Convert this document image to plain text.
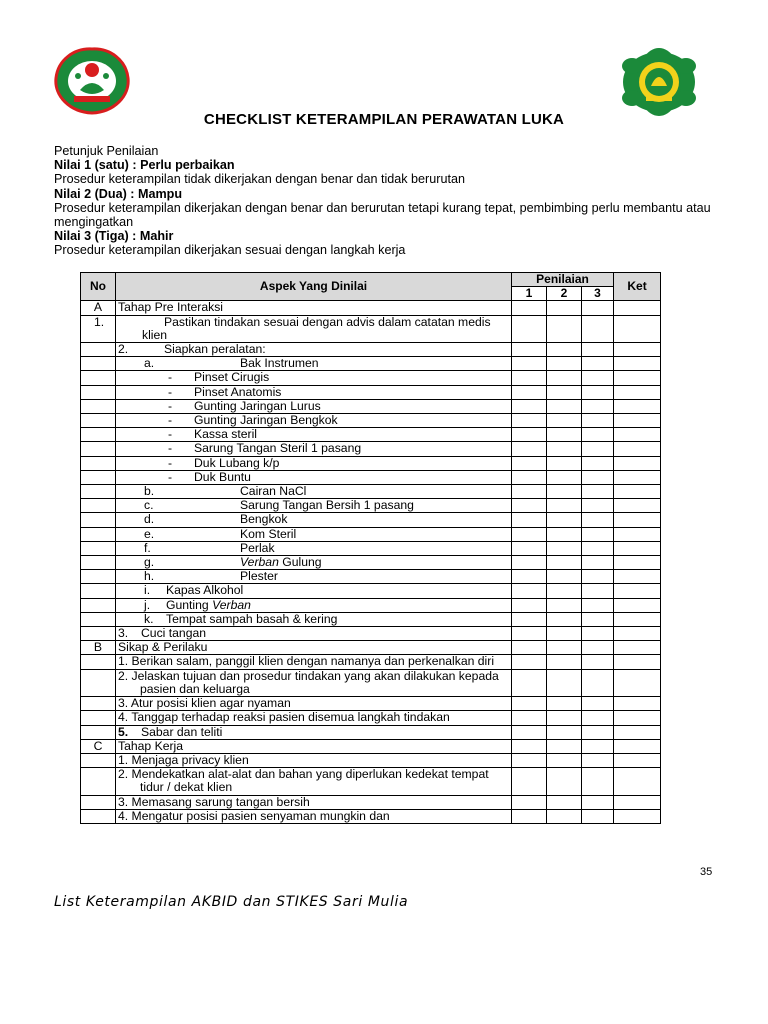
CHECKLIST KETERAMPILAN PERAWATAN LUKA
Petunjuk Penilaian
Nilai 1 (satu) : Perlu perbaikan
Prosedur keterampilan tidak dikerjakan dengan benar dan tidak berurutan
Nilai 2 (Dua) : Mampu
Prosedur keterampilan dikerjakan dengan benar dan berurutan tetapi kurang tepat, pembimbing perlu membantu atau mengingatkan
Nilai 3 (Tiga) : Mahir
Prosedur keterampilan dikerjakan sesuai dengan langkah kerja
No	Aspek Yang Dinilai	Penilaian			Ket
		1	2	3	
A	Tahap Pre Interaksi				

	1. Pastikan tindakan sesuai dengan advis dalam catatan medis klien				

	2. Siapkan peralatan:				
	a. Bak Instrumen				
	- Pinset Cirugis				
	- Pinset Anatomis				
	- Gunting Jaringan Lurus				
	- Gunting Jaringan Bengkok				
	- Kassa steril				
	- Sarung Tangan Steril 1 pasang				
	- Duk Lubang k/p				
	- Duk Buntu				
	b. Cairan NaCl				
	c. Sarung Tangan Bersih 1 pasang				
	d. Bengkok				
	e. Kom Steril				
	f. Perlak				
	g. Verban Gulung				
	h. Plester				
	i. Kapas Alkohol				
	j. Gunting Verban				
	k. Tempat sampah basah & kering				
	3. Cuci tangan				
B	Sikap & Perilaku				

	1. Berikan salam, panggil klien dengan namanya dan perkenalkan diri				

	2. Jelaskan tujuan dan prosedur tindakan yang akan dilakukan kepada pasien dan keluarga				

	3. Atur posisi klien agar nyaman				

	4. Tanggap terhadap reaksi pasien disemua langkah tindakan				

	5. Sabar dan teliti				
C	Tahap Kerja				
	1. Menjaga privacy klien				

	2. Mendekatkan alat-alat dan bahan yang diperlukan kedekat tempat tidur / dekat klien				

	3. Memasang sarung tangan bersih				
	4. Mengatur posisi pasien senyaman mungkin dan				
35
List Keterampilan AKBID dan STIKES Sari Mulia
